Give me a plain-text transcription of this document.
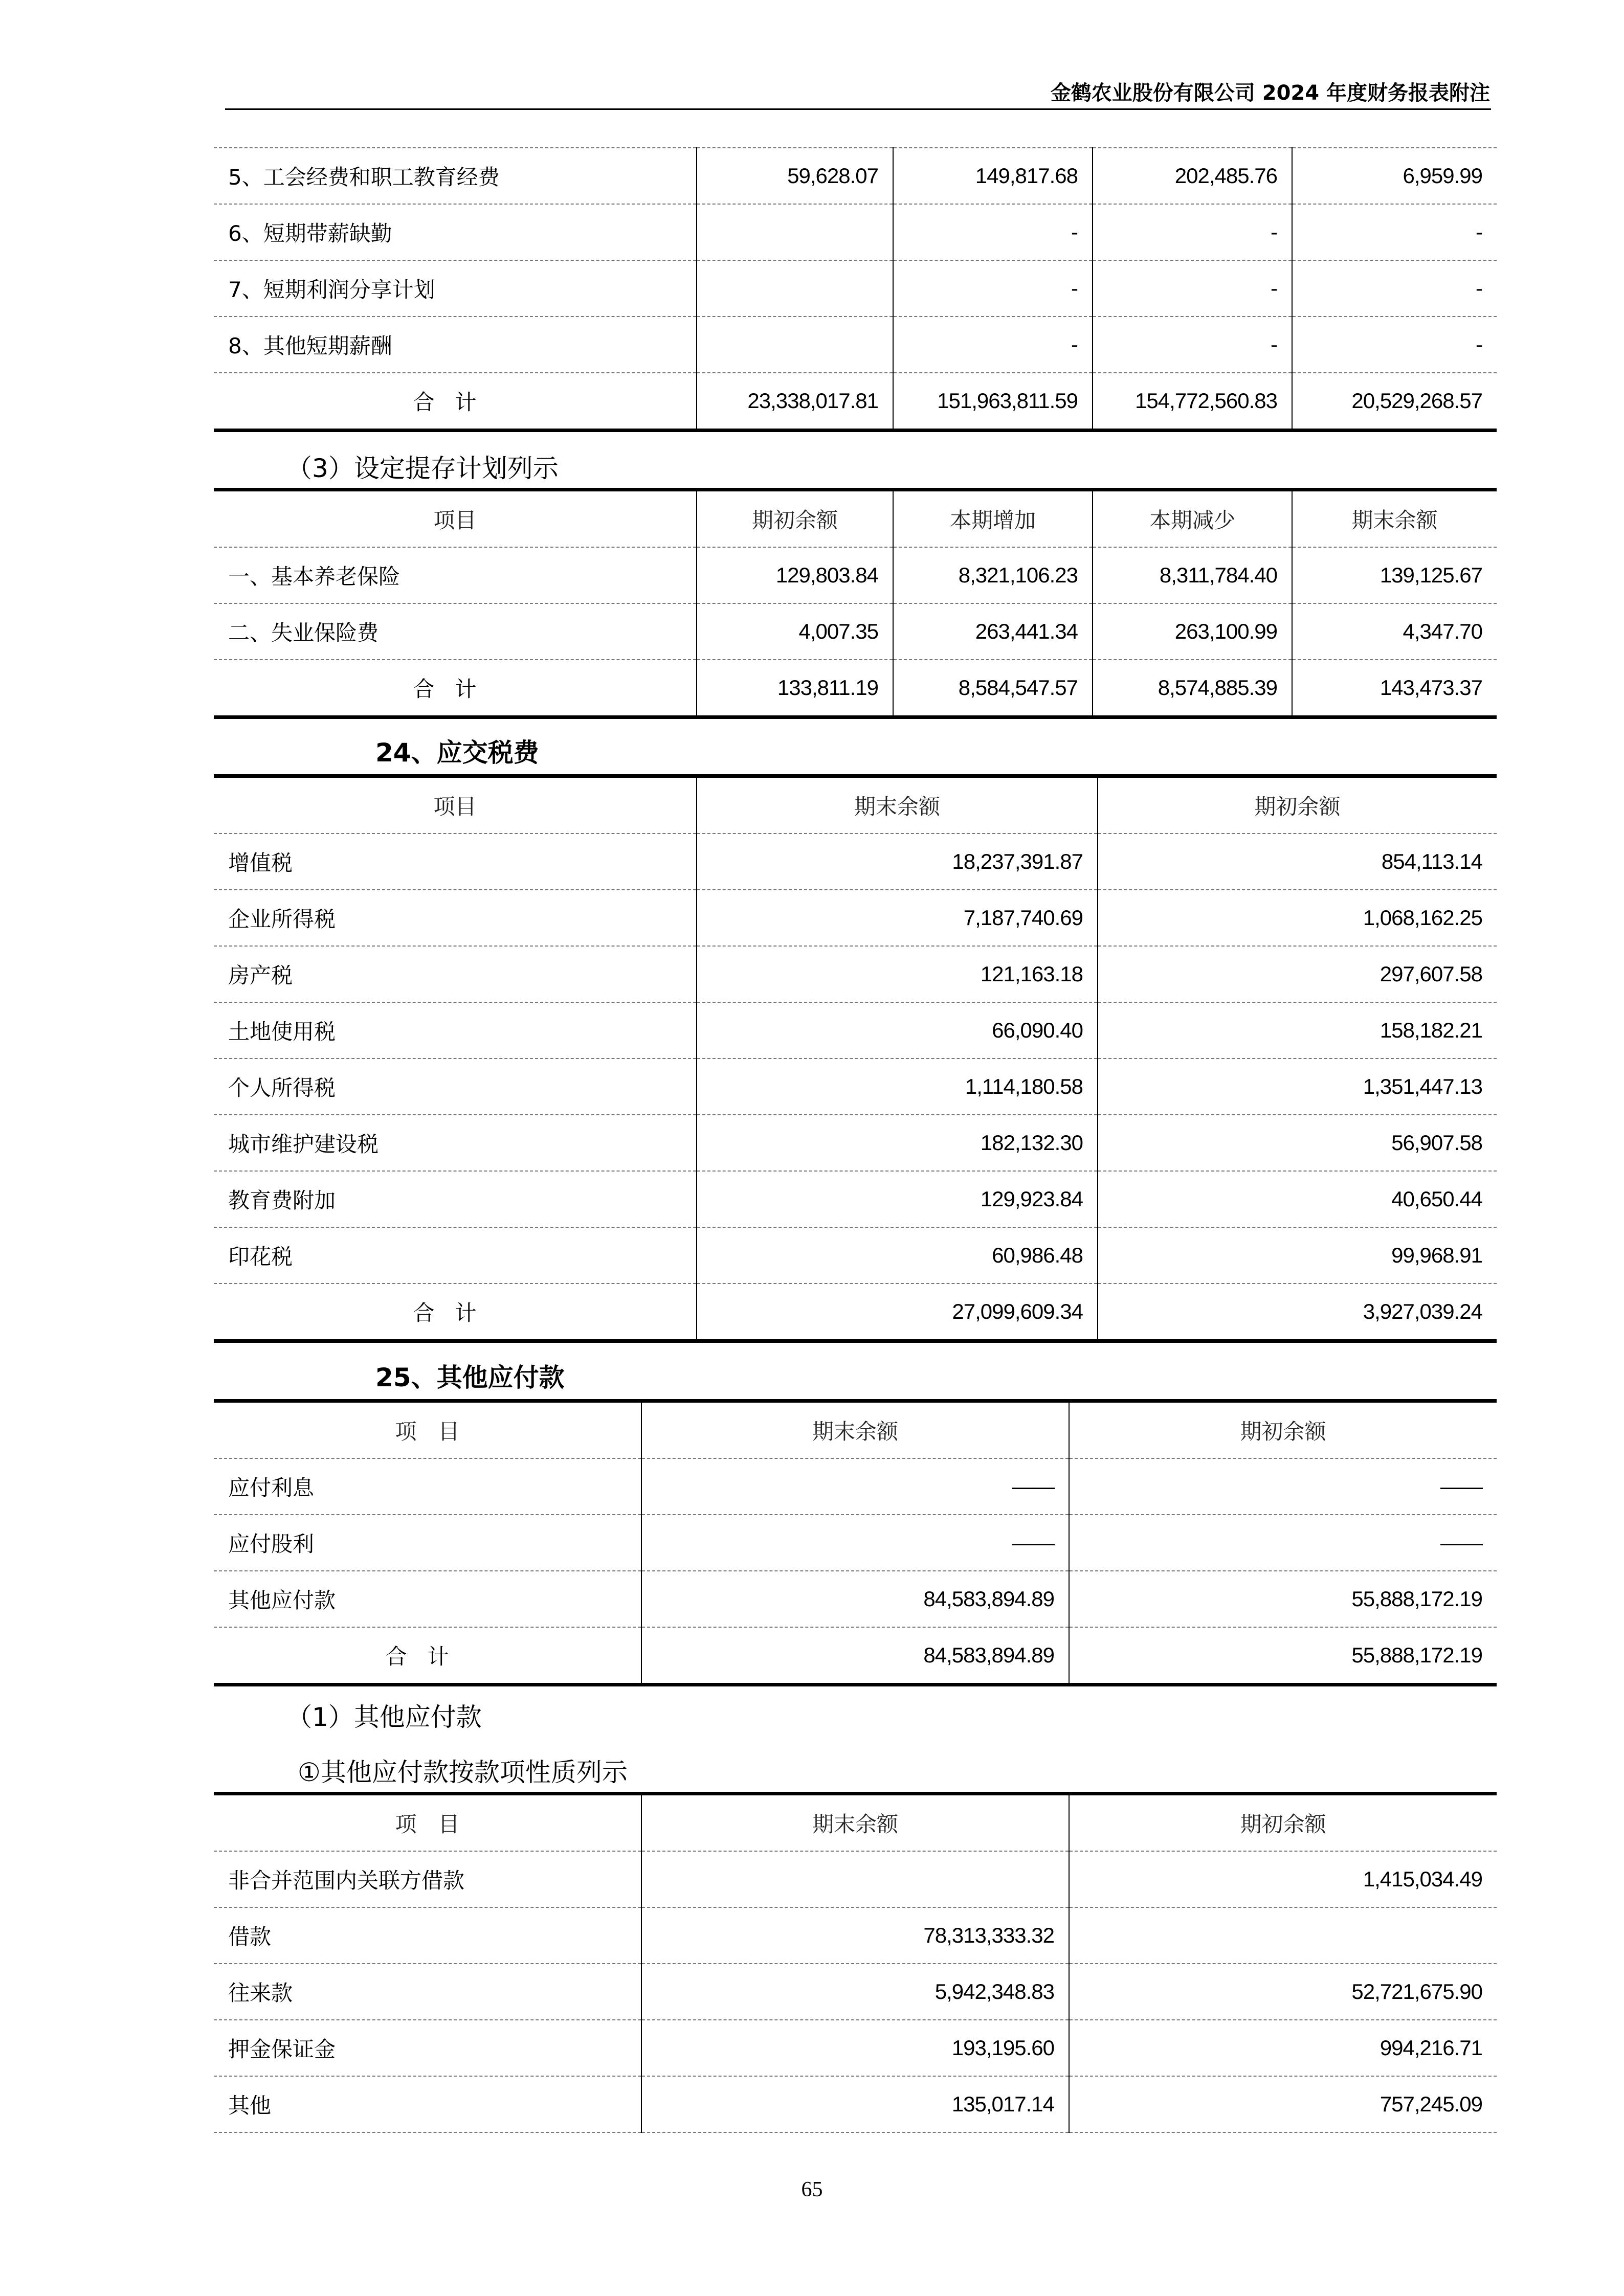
金鹤农业股份有限公司 2024 年度财务报表附注
5、工会经费和职工教育经费	59,628.07	149,817.68	202,485.76	6,959.99
6、短期带薪缺勤		-	-	-
7、短期利润分享计划		-	-	-
8、其他短期薪酬		-	-	-
合计	23,338,017.81	151,963,811.59	154,772,560.83	20,529,268.57
（3）设定提存计划列示
项目	期初余额	本期增加	本期减少	期末余额
一、基本养老保险	129,803.84	8,321,106.23	8,311,784.40	139,125.67
二、失业保险费	4,007.35	263,441.34	263,100.99	4,347.70
合计	133,811.19	8,584,547.57	8,574,885.39	143,473.37
24、应交税费
项目	期末余额	期初余额
增值税	18,237,391.87	854,113.14
企业所得税	7,187,740.69	1,068,162.25
房产税	121,163.18	297,607.58
土地使用税	66,090.40	158,182.21
个人所得税	1,114,180.58	1,351,447.13
城市维护建设税	182,132.30	56,907.58
教育费附加	129,923.84	40,650.44
印花税	60,986.48	99,968.91
合计	27,099,609.34	3,927,039.24
25、其他应付款
项　目	期末余额	期初余额
应付利息	——	——
应付股利	——	——
其他应付款	84,583,894.89	55,888,172.19
合计	84,583,894.89	55,888,172.19
（1）其他应付款
①其他应付款按款项性质列示
项　目	期末余额	期初余额
非合并范围内关联方借款		1,415,034.49
借款	78,313,333.32	
往来款	5,942,348.83	52,721,675.90
押金保证金	193,195.60	994,216.71
其他	135,017.14	757,245.09
65
